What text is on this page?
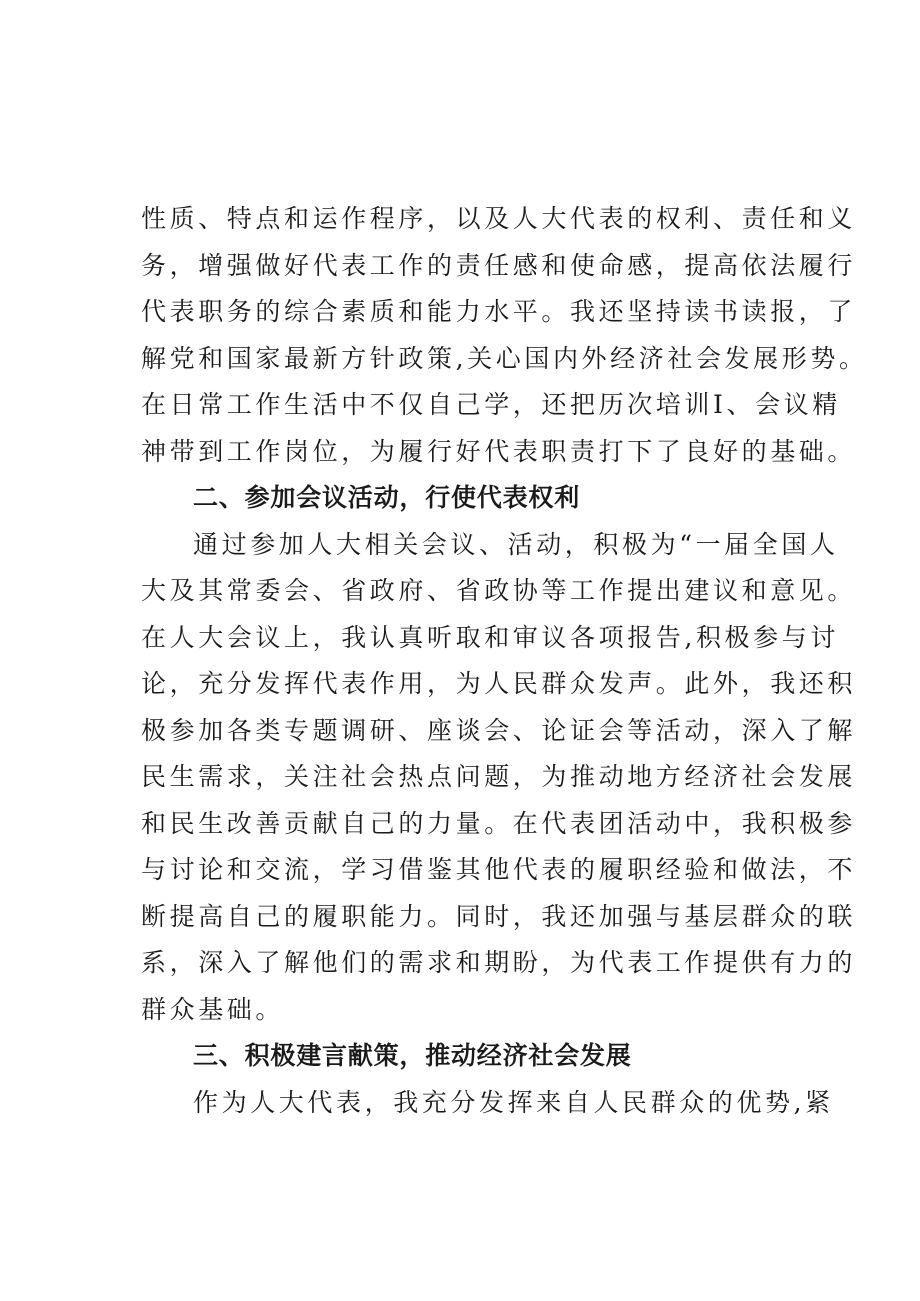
性质、特点和运作程序，以及人大代表的权利、责任和义
务，增强做好代表工作的责任感和使命感，提高依法履行
代表职务的综合素质和能力水平。我还坚持读书读报，了
解党和国家最新方针政策,关心国内外经济社会发展形势。
在日常工作生活中不仅自己学，还把历次培训I、会议精
神带到工作岗位，为履行好代表职责打下了良好的基础。
二、参加会议活动，行使代表权利
通过参加人大相关会议、活动，积极为“一届全国人
大及其常委会、省政府、省政协等工作提出建议和意见。
在人大会议上，我认真听取和审议各项报告,积极参与讨
论，充分发挥代表作用，为人民群众发声。此外，我还积
极参加各类专题调研、座谈会、论证会等活动，深入了解
民生需求，关注社会热点问题，为推动地方经济社会发展
和民生改善贡献自己的力量。在代表团活动中，我积极参
与讨论和交流，学习借鉴其他代表的履职经验和做法，不
断提高自己的履职能力。同时，我还加强与基层群众的联
系，深入了解他们的需求和期盼，为代表工作提供有力的
群众基础。
三、积极建言献策，推动经济社会发展
作为人大代表，我充分发挥来自人民群众的优势,紧
